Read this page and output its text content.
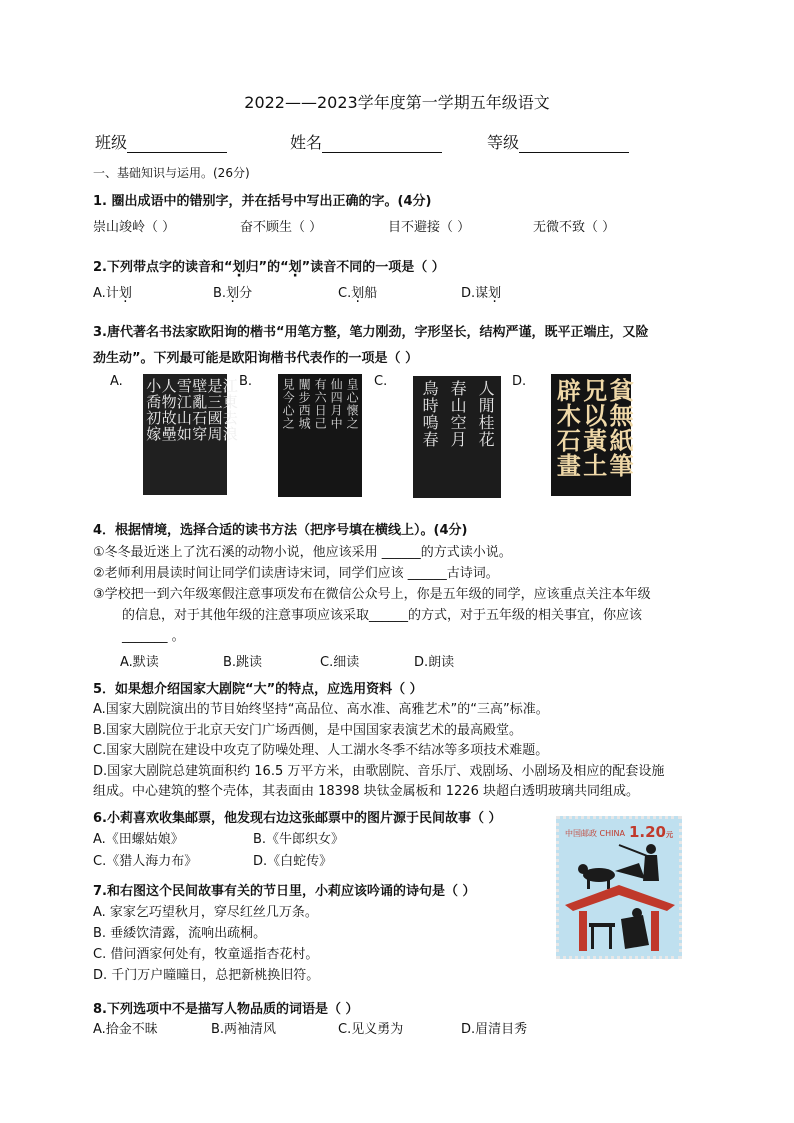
2022——2023学年度第一学期五年级语文
班级	姓名	等级
一、基础知识与运用。(26分)
1. 圈出成语中的错别字，并在括号中写出正确的字。(4分)
崇山竣岭（ ）	奋不顾生（ ）	目不避接（ ）	无微不致（ ）
2.下列带点字的读音和“划归”的“划”读音不同的一项是（ ）
A.计划	B.划分	C.划船	D.谋划
3.唐代著名书法家欧阳询的楷书“用笔方整，笔力刚劲，字形坚长，结构严谨，既平正端庄，又险
劲生动”。下列最可能是欧阳询楷书代表作的一项是（ ）
A.	B.	C.	D.
江東去浪
是三國周
壁亂石穿
雪江山如
人物故壘
小喬初嫁	皇心懷之
仙四月中
有六日己
闡步西城
見今心之	人閒桂花
春山空月
鳥時鳴春	貧無紙筆
兄以黃土
辟木石畫
4．根据情境，选择合适的读书方法（把序号填在横线上）。(4分)
①冬冬最近迷上了沈石溪的动物小说，他应该采用 ______的方式读小说。
②老师利用晨读时间让同学们读唐诗宋词，同学们应该 ______古诗词。
③学校把一到六年级寒假注意事项发布在微信公众号上，你是五年级的同学，应该重点关注本年级
的信息，对于其他年级的注意事项应该采取______的方式，对于五年级的相关事宜，你应该
_______ 。
A.默读	B.跳读	C.细读	D.朗读
5．如果想介绍国家大剧院“大”的特点，应选用资料（ ）
A.国家大剧院演出的节目始终坚持“高品位、高水准、高雅艺术”的“三高”标准。
B.国家大剧院位于北京天安门广场西侧，是中国国家表演艺术的最高殿堂。
C.国家大剧院在建设中攻克了防噪处理、人工湖水冬季不结冰等多项技术难题。
D.国家大剧院总建筑面积约 16.5 万平方米，由歌剧院、音乐厅、戏剧场、小剧场及相应的配套设施
组成。中心建筑的整个壳体，其表面由 18398 块钛金属板和 1226 块超白透明玻璃共同组成。
6.小莉喜欢收集邮票，他发现右边这张邮票中的图片源于民间故事（ ）
A.《田螺姑娘》	B.《牛郎织女》
C.《猎人海力布》	D.《白蛇传》
中国邮政 CHINA 1.20元
7.和右图这个民间故事有关的节日里，小莉应该吟诵的诗句是（ ）
A. 家家乞巧望秋月，穿尽红丝几万条。
B. 垂緌饮清露，流响出疏桐。
C. 借问酒家何处有，牧童遥指杏花村。
D. 千门万户曈曈日，总把新桃换旧符。
8.下列选项中不是描写人物品质的词语是（ ）
A.拾金不昧	B.两袖清风	C.见义勇为	D.眉清目秀
